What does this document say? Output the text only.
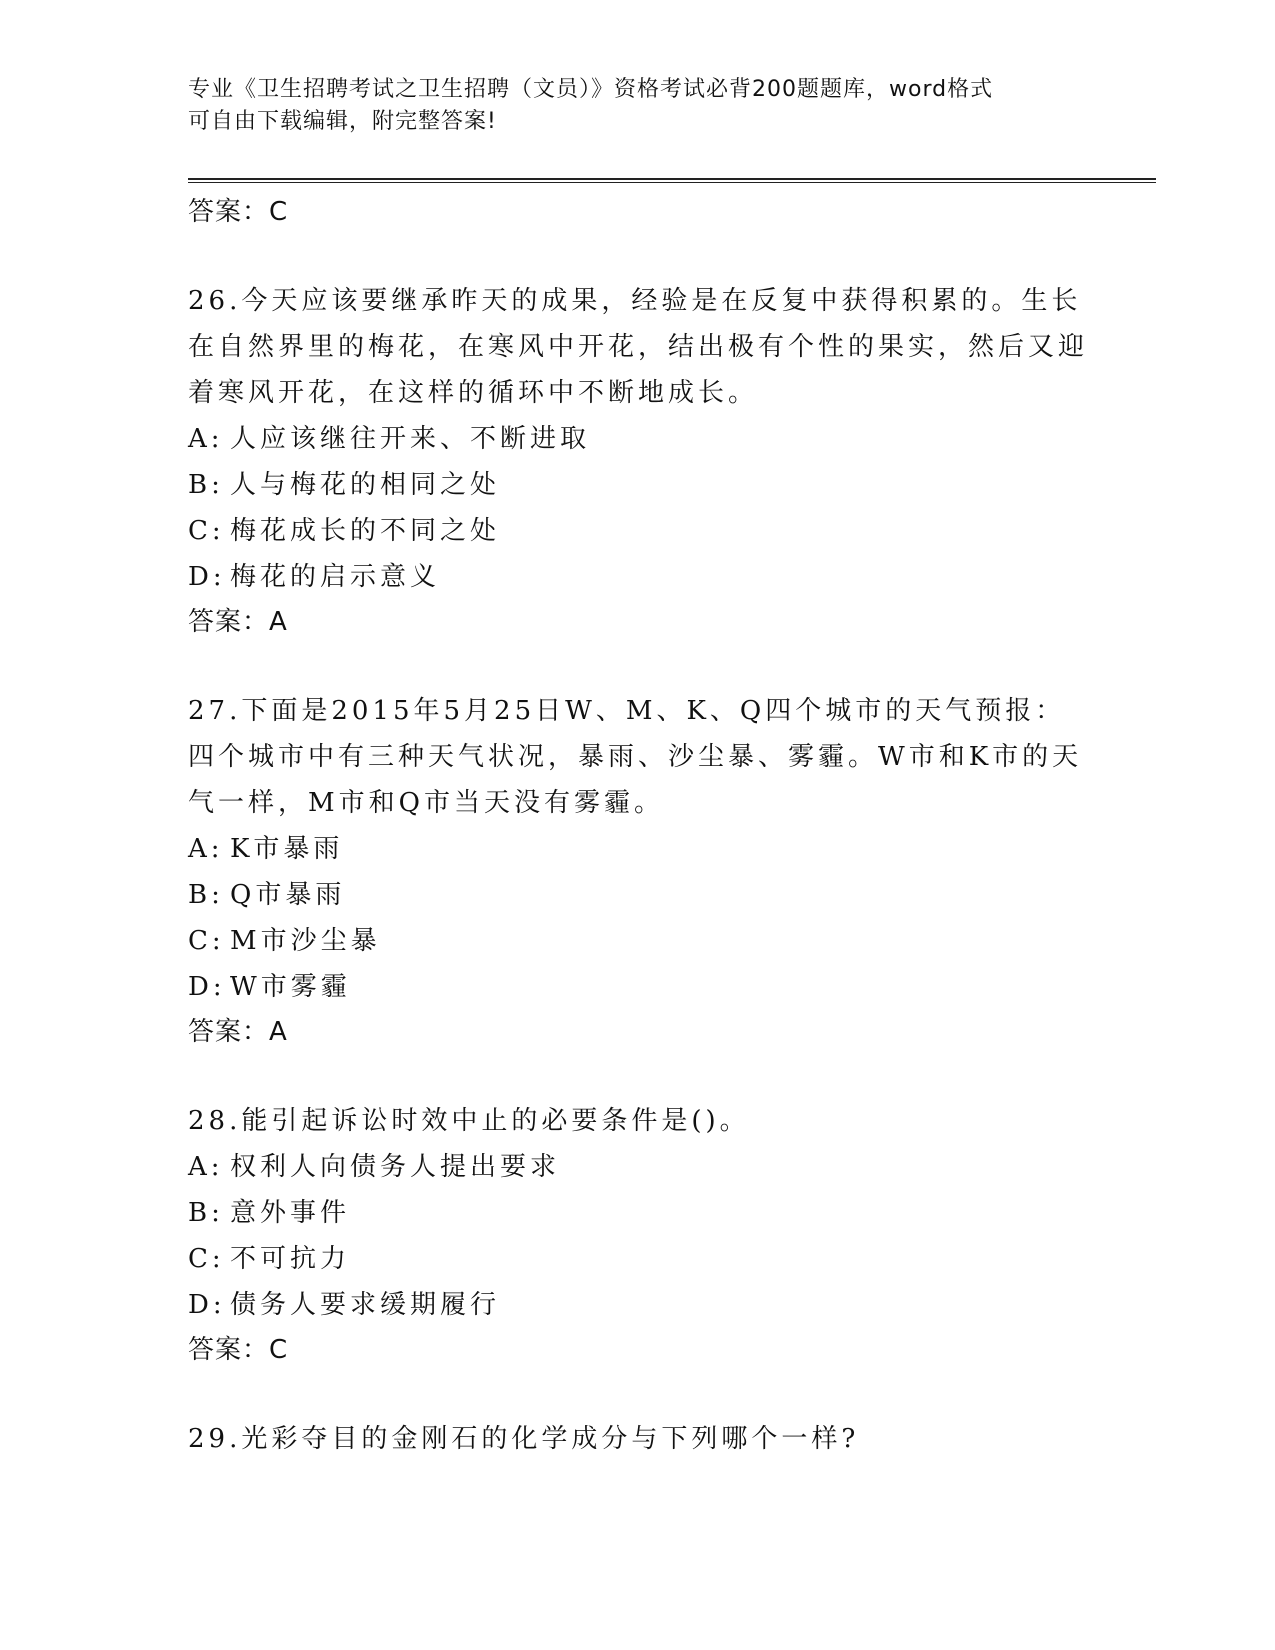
专业《卫生招聘考试之卫生招聘（文员）》资格考试必背200题题库，word格式
可自由下载编辑，附完整答案!
答案：C

26.今天应该要继承昨天的成果，经验是在反复中获得积累的。生长在自然界里的梅花，在寒风中开花，结出极有个性的果实，然后又迎着寒风开花，在这样的循环中不断地成长。

A: 人应该继往开来、不断进取

B: 人与梅花的相同之处

C: 梅花成长的不同之处

D: 梅花的启示意义

答案：A

27.下面是2015年5月25日W、M、K、Q四个城市的天气预报：四个城市中有三种天气状况，暴雨、沙尘暴、雾霾。W市和K市的天气一样，M市和Q市当天没有雾霾。

A: K市暴雨

B: Q市暴雨

C: M市沙尘暴

D: W市雾霾

答案：A

28.能引起诉讼时效中止的必要条件是()。

A: 权利人向债务人提出要求

B: 意外事件

C: 不可抗力

D: 债务人要求缓期履行

答案：C

29.光彩夺目的金刚石的化学成分与下列哪个一样?
